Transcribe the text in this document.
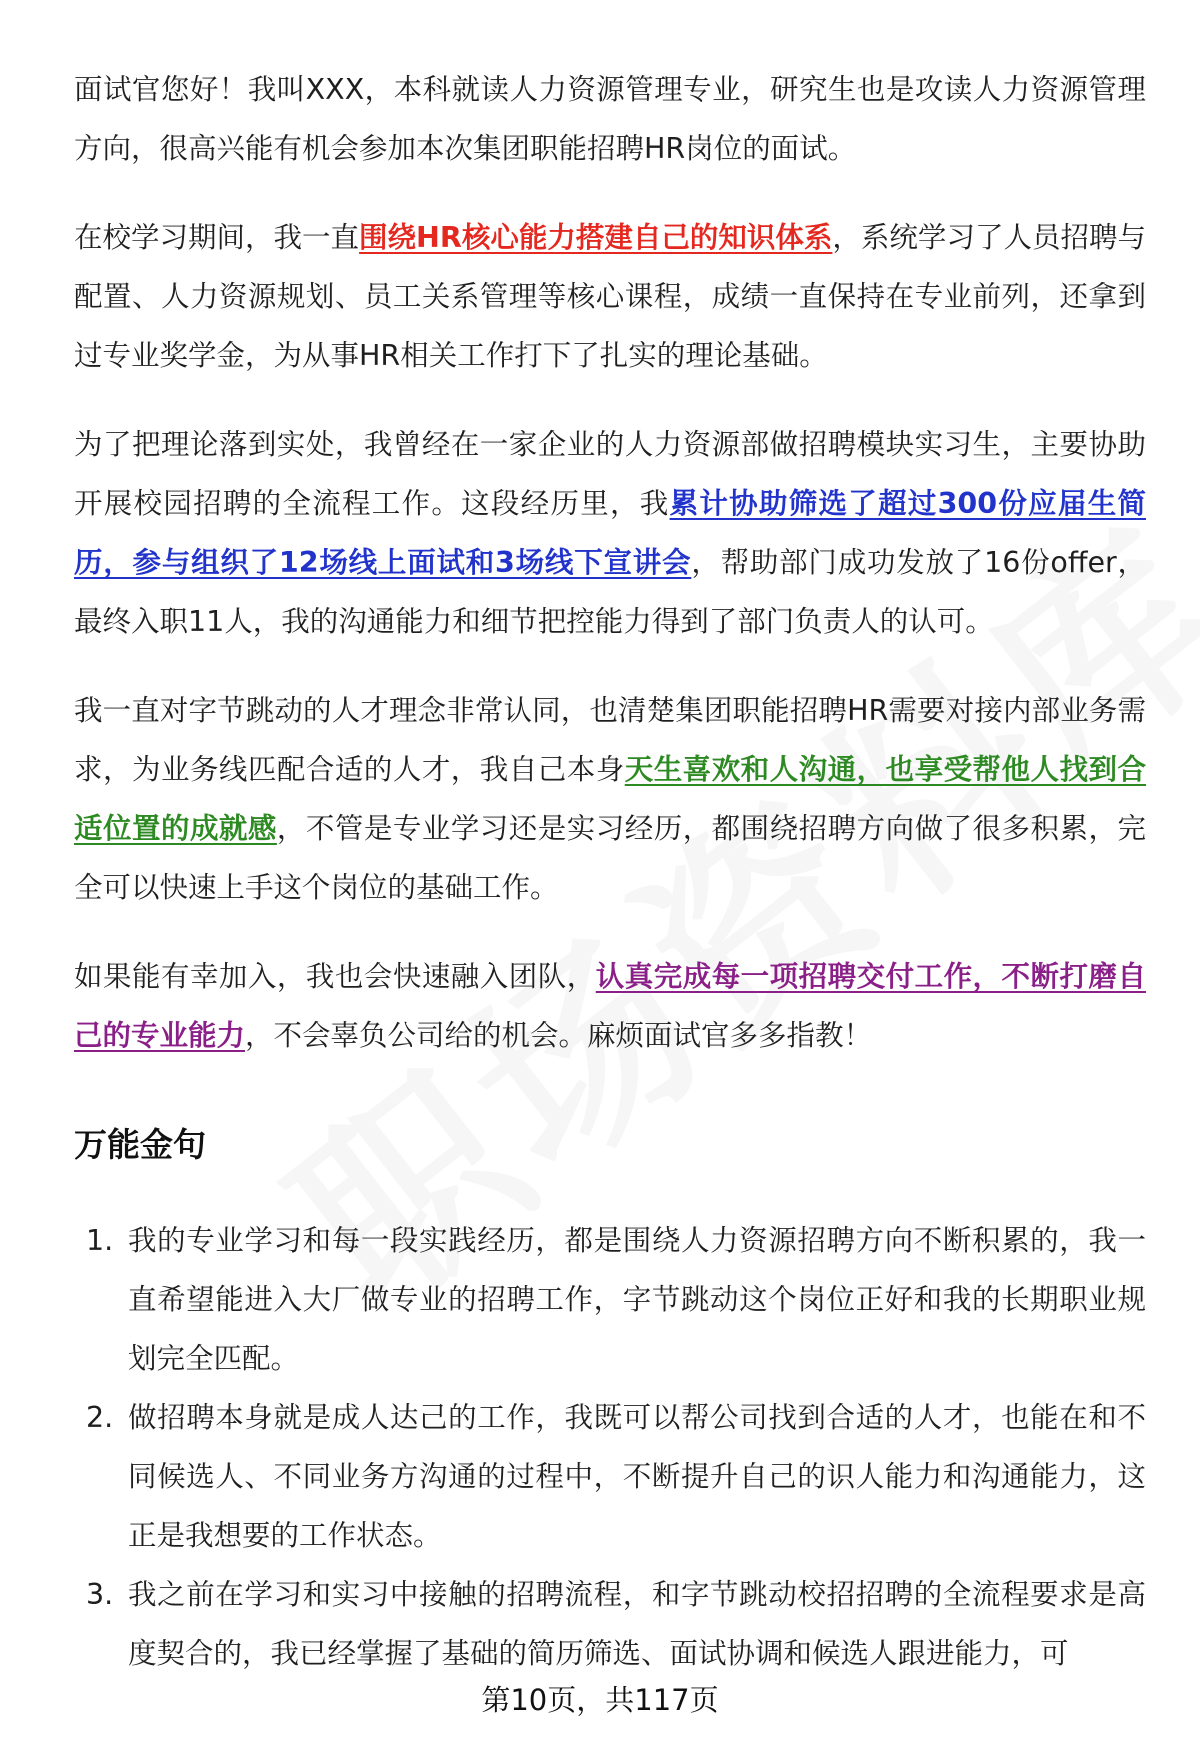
面试官您好！我叫XXX，本科就读人力资源管理专业，研究生也是攻读人力资源管理方向，很高兴能有机会参加本次集团职能招聘HR岗位的面试。

在校学习期间，我一直围绕HR核心能力搭建自己的知识体系，系统学习了人员招聘与配置、人力资源规划、员工关系管理等核心课程，成绩一直保持在专业前列，还拿到过专业奖学金，为从事HR相关工作打下了扎实的理论基础。

为了把理论落到实处，我曾经在一家企业的人力资源部做招聘模块实习生，主要协助开展校园招聘的全流程工作。这段经历里，我累计协助筛选了超过300份应届生简历，参与组织了12场线上面试和3场线下宣讲会，帮助部门成功发放了16份offer，最终入职11人，我的沟通能力和细节把控能力得到了部门负责人的认可。

我一直对字节跳动的人才理念非常认同，也清楚集团职能招聘HR需要对接内部业务需求，为业务线匹配合适的人才，我自己本身天生喜欢和人沟通，也享受帮他人找到合适位置的成就感，不管是专业学习还是实习经历，都围绕招聘方向做了很多积累，完全可以快速上手这个岗位的基础工作。

如果能有幸加入，我也会快速融入团队，认真完成每一项招聘交付工作，不断打磨自己的专业能力，不会辜负公司给的机会。麻烦面试官多多指教！

万能金句
1. 我的专业学习和每一段实践经历，都是围绕人力资源招聘方向不断积累的，我一直希望能进入大厂做专业的招聘工作，字节跳动这个岗位正好和我的长期职业规划完全匹配。
2. 做招聘本身就是成人达己的工作，我既可以帮公司找到合适的人才，也能在和不同候选人、不同业务方沟通的过程中，不断提升自己的识人能力和沟通能力，这正是我想要的工作状态。
3. 我之前在学习和实习中接触的招聘流程，和字节跳动校招招聘的全流程要求是高度契合的，我已经掌握了基础的简历筛选、面试协调和候选人跟进能力，可
第10页，共117页
